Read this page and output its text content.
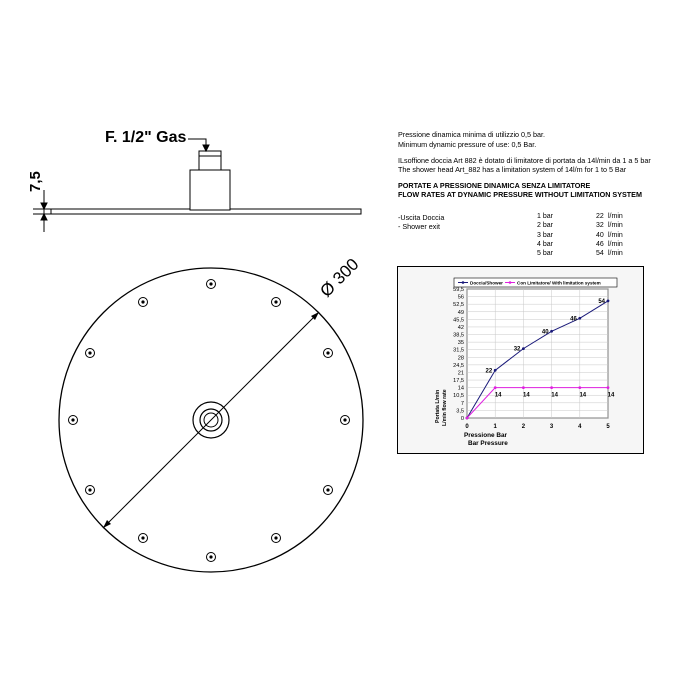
F. 1/2" Gas
7,5
Ø 300
Pressione dinamica minima di utilizzio 0,5 bar.
Minimum dynamic pressure of use: 0,5 Bar.
ILsoffione doccia Art 882 è dotato di limitatore di portata da 14l/min da 1 a 5 bar
The shower head Art_882 has a limitation system of 14l/m for 1 to 5 Bar
PORTATE A PRESSIONE DINAMICA SENZA LIMITATORE
FLOW RATES AT DYNAMIC PRESSURE WITHOUT LIMITATION SYSTEM
-Uscita Doccia
- Shower exit
1 bar	22 l/min
2 bar	32 l/min
3 bar	40 l/min
4 bar	46 l/min
5 bar	54 l/min
0
3,5
7
10,5
14
17,5
21
24,5
28
31,5
35
38,5
42
45,5
49
52,5
56
59,5
0	1	2	3	4	5
Pressione Bar
Bar Pressure
Portata L/min L/min flow rate
Doccia/Shower	Con Limitatore/ With limitation system
22
32
40
46
54
14	14	14	14	14
